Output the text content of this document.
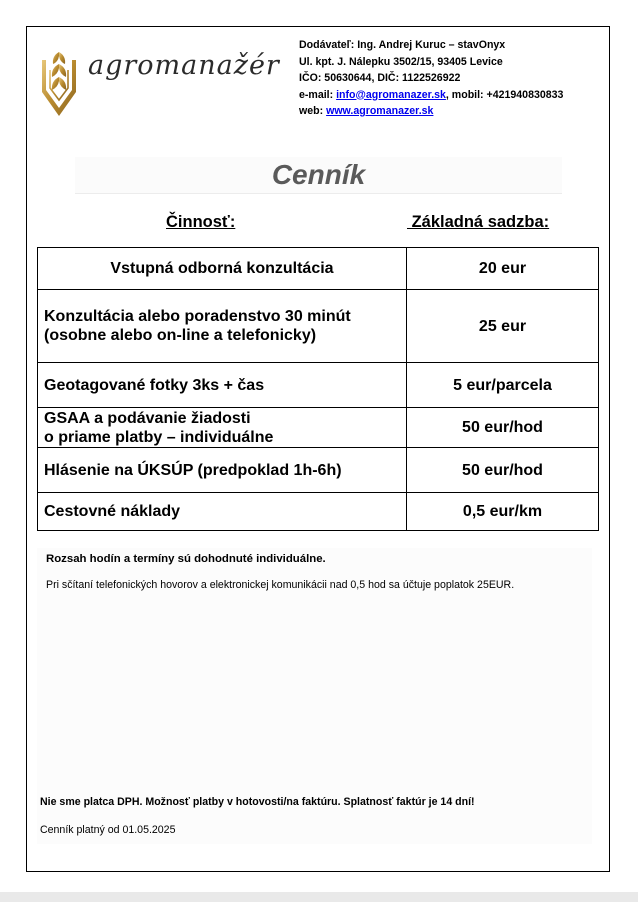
agromanažér
Dodávateľ: Ing. Andrej Kuruc – stavOnyx
Ul. kpt. J. Nálepku 3502/15, 93405 Levice
IČO: 50630644, DIČ: 1122526922
e-mail: info@agromanazer.sk, mobil: +421940830833
web: www.agromanazer.sk
Cenník
Činnosť:	Základná sadzba:
Vstupná odborná konzultácia	20 eur

Konzultácia alebo poradenstvo 30 minút
(osobne alebo on-line a telefonicky)	25 eur
Geotagované fotky 3ks + čas	5 eur/parcela

GSAA a podávanie žiadosti
o priame platby – individuálne	50 eur/hod
Hlásenie na ÚKSÚP (predpoklad 1h-6h)	50 eur/hod
Cestovné náklady	0,5 eur/km
Rozsah hodín a termíny sú dohodnuté individuálne.
Pri sčítaní telefonických hovorov a elektronickej komunikácii nad 0,5 hod sa účtuje poplatok 25EUR.
Nie sme platca DPH. Možnosť platby v hotovosti/na faktúru. Splatnosť faktúr je 14 dní!
Cenník platný od 01.05.2025
